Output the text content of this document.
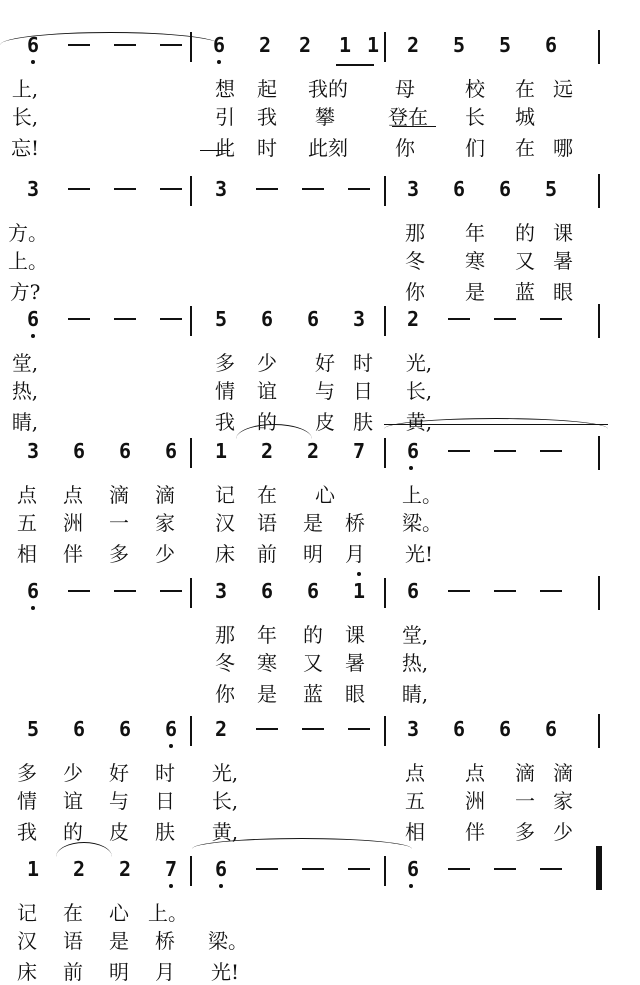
6	6 2 2 1 1 2 5 5 6
上,	想	起	我的	母	校	在 远
长,	引	我	攀	登在	长	城
忘!	此	时	此刻	你	们	在 哪
3	3	3 6 6 5
方。	那	年	的 课
上。	冬	寒	又 暑
方?	你	是	蓝 眼
6	5 6 6 3 2
堂,	多	少	好 时	光,
热,	情	谊	与 日	长,
睛,	我	的	皮 肤	黄,
3 6 6 6 1 2 2 7 6
点	点	滴	滴	记	在	心	上。
五	洲	一	家	汉	语	是	桥	梁。
相	伴	多	少	床	前	明	月	光!
6	3 6 6 1 6
那	年	的	课	堂,
冬	寒	又	暑	热,
你	是	蓝	眼	睛,
5 6 6 6 2	3 6 6 6
多	少	好	时	光,	点	点	滴 滴
情	谊	与	日	长,	五	洲	一 家
我	的	皮	肤	黄,	相	伴	多 少
1 2 2 7 6	6
记	在	心 上。
汉	语	是	桥	梁。
床	前	明	月	光!
